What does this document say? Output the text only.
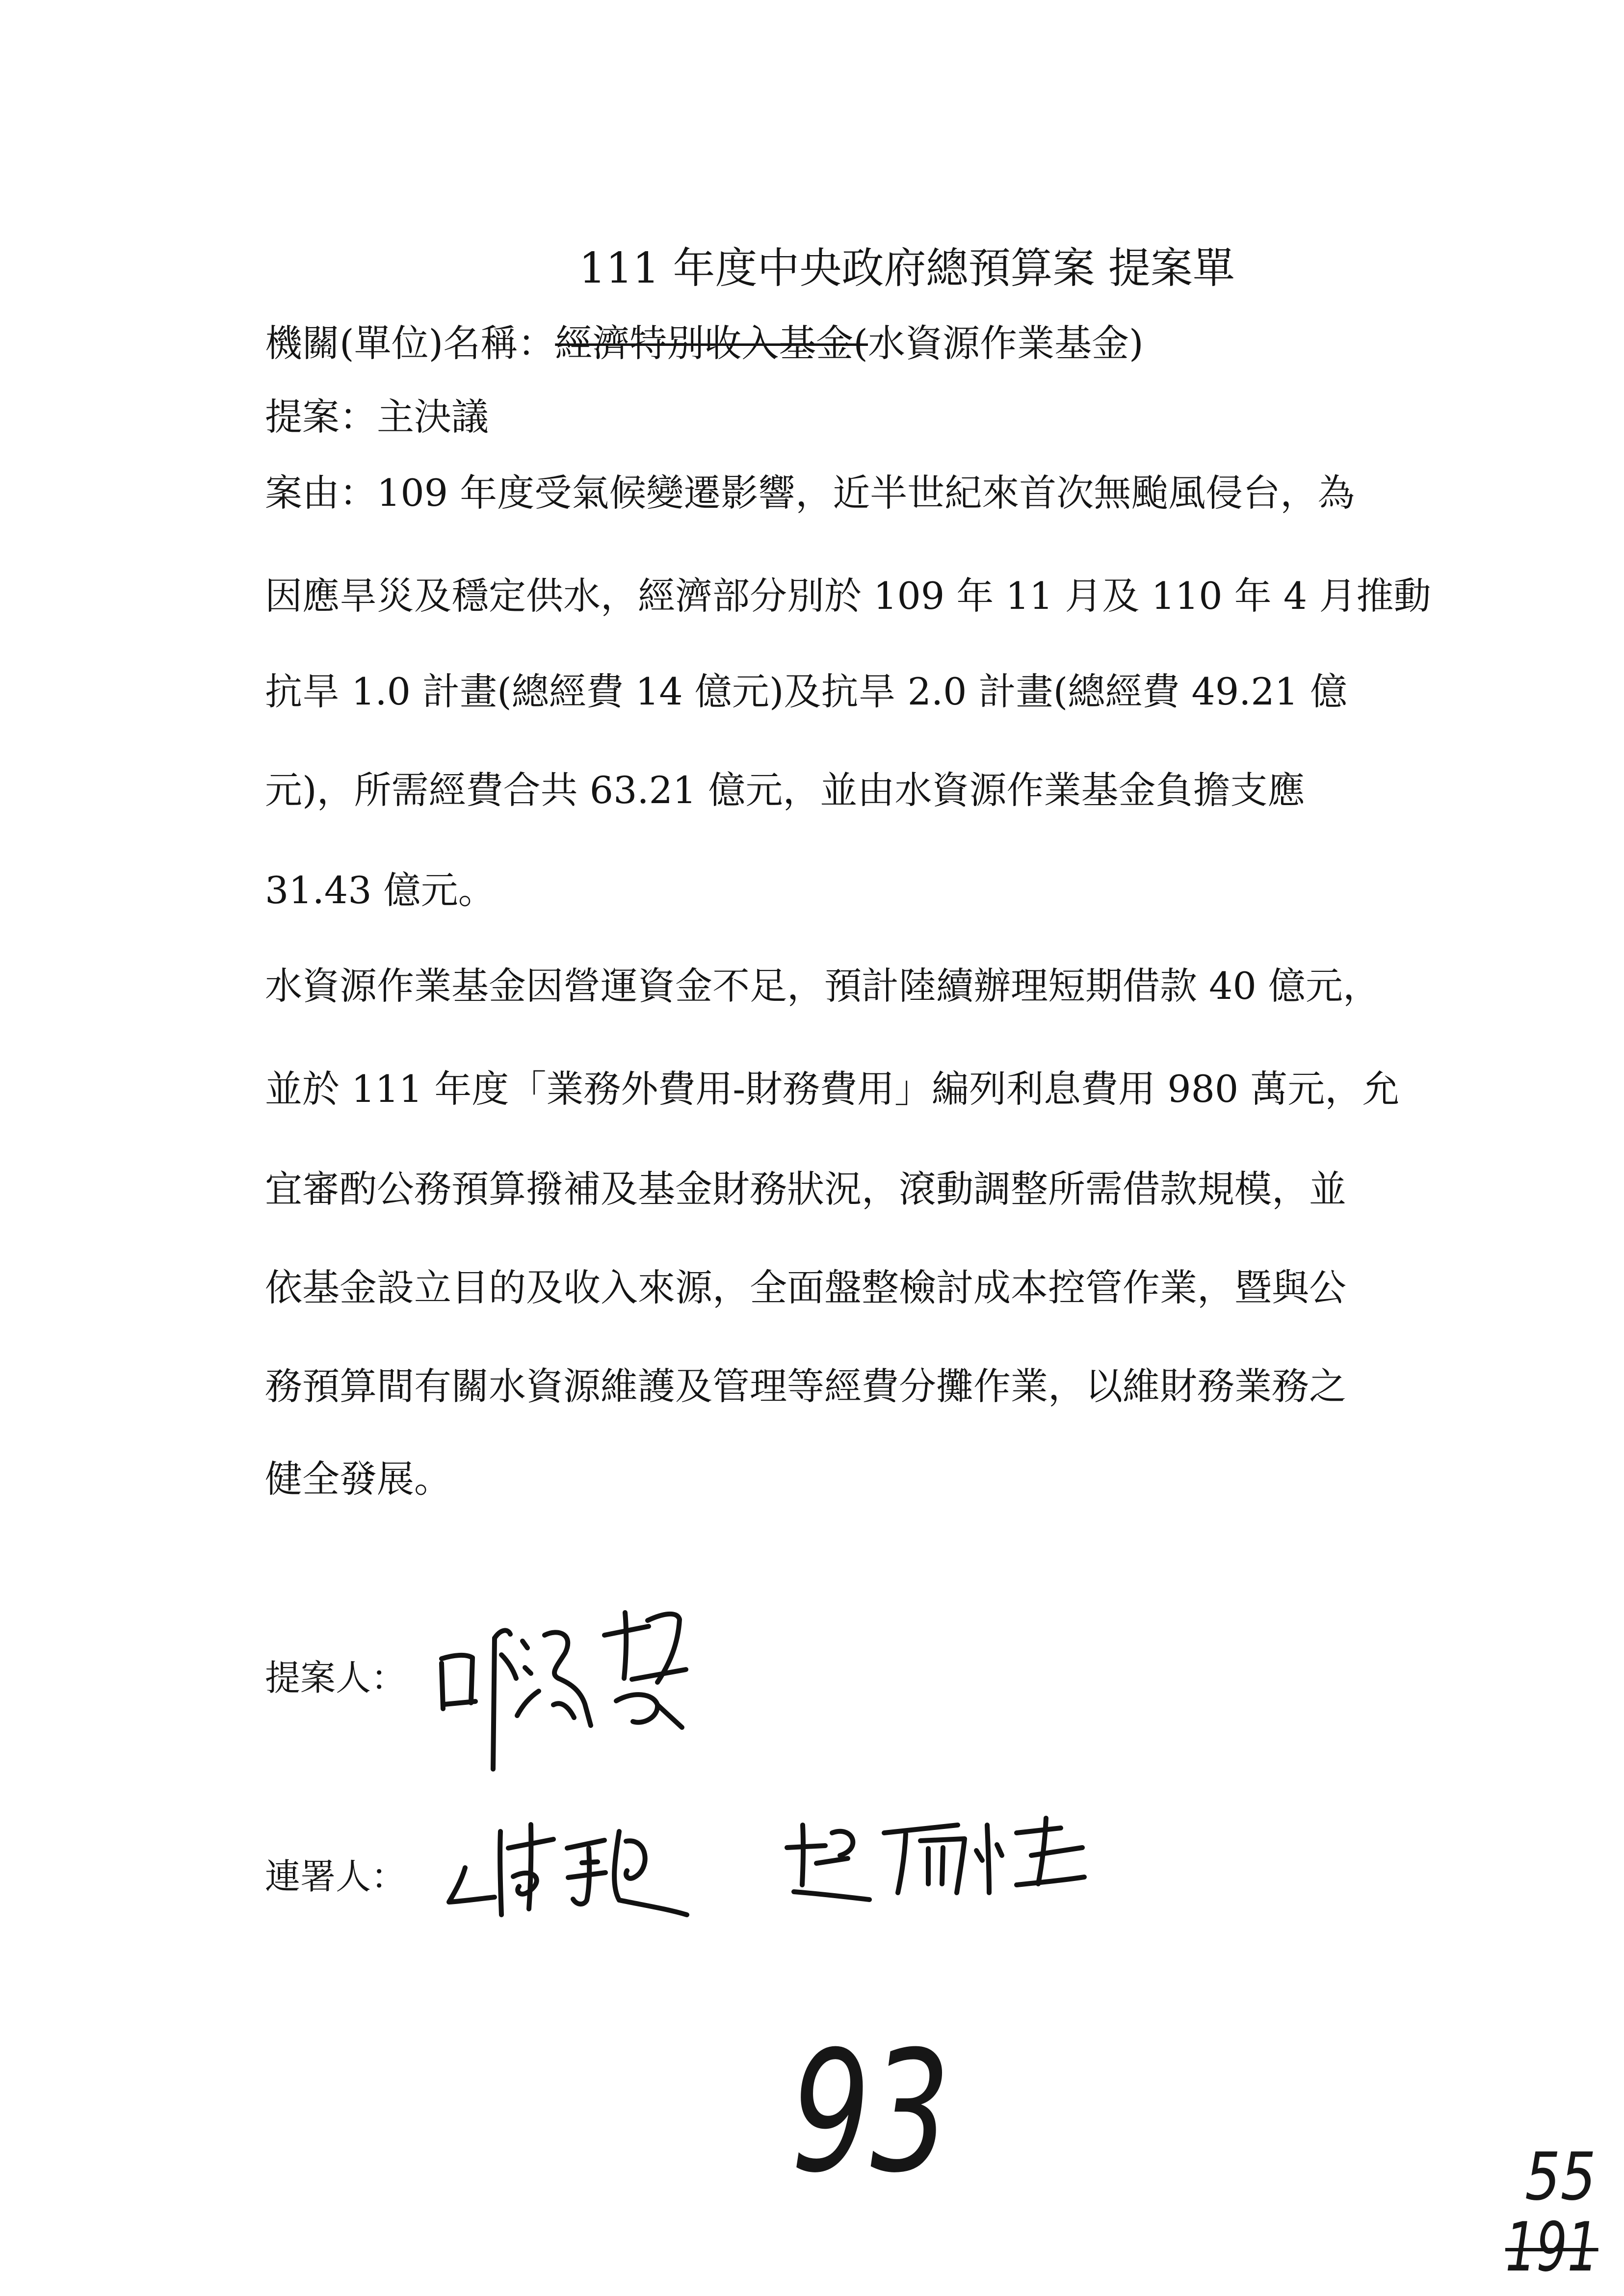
111 年度中央政府總預算案 提案單
機關(單位)名稱：經濟特別收入基金(水資源作業基金)
提案：主決議
案由：109 年度受氣候變遷影響，近半世紀來首次無颱風侵台，為
因應旱災及穩定供水，經濟部分別於 109 年 11 月及 110 年 4 月推動
抗旱 1.0 計畫(總經費 14 億元)及抗旱 2.0 計畫(總經費 49.21 億
元)，所需經費合共 63.21 億元，並由水資源作業基金負擔支應
31.43 億元。
水資源作業基金因營運資金不足，預計陸續辦理短期借款 40 億元，
並於 111 年度「業務外費用-財務費用」編列利息費用 980 萬元，允
宜審酌公務預算撥補及基金財務狀況，滾動調整所需借款規模，並
依基金設立目的及收入來源，全面盤整檢討成本控管作業，暨與公
務預算間有關水資源維護及管理等經費分攤作業，以維財務業務之
健全發展。
提案人：
連署人：
93	55
191
